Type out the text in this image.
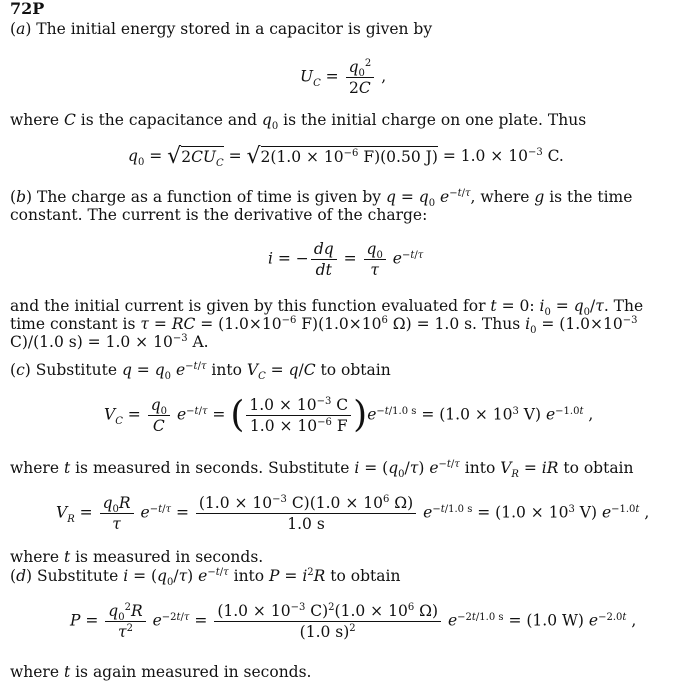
72P
(a) The initial energy stored in a capacitor is given by
$U_C = \frac{q_0^2}{2C}$ ,
where C is the capacitance and $q_0$ is the initial charge on one plate. Thus
$q_0$ = √ $2CU_C$ = √ $2(1.0 \times 10^{-6}$ F)(0.50 $J) = 1.0 \times 10^{-3}$ C.
(b) The charge as a function of time is given by $q = q_0$ $e^{-t/\tau}$, where g is the time constant. The current is the derivative of the charge:
i = − $\frac{dq}{dt} = \frac{q_0}{\tau} e^{-t/\tau}$
and the initial current is given by this function evaluated for t = 0: $i_0 = q_0/\tau$. The time constant is τ = RC = ($1.0\times 10^{-6}$ $F)(1.0\times 10^6$ Ω) = 1.0 s. Thus $i_0 = (1.0\times 10^{-3}$ C)/(1.0 $s) = 1.0 \times 10^{-3}$ A.
(c) Substitute $q = q_0$ $e^{-t/\tau}$ into $V_C = q/C$ to obtain
$V_C = \frac{q_0}{C} e^{-t/\tau}$ = ( $\frac{1.0 \times 10^{-3} C}{1.0 \times 10^{-6} F} )e^{-t/1.0 s} = (1.0 \times 10^3$ V) $e^{-1.0t}$ ,
where t is measured in seconds. Substitute $i = (q_0/\tau)$ $e^{-t/\tau}$ into $V_R$ = iR to obtain
$V_R = \frac{q_0R}{\tau} e^{-t/\tau} = \frac{(1.0 \times 10^{-3} C)(1.0 \times 10^6 \Omega)}{1.0 s} e^{-t/1.0 s} = (1.0 \times 10^3$ V) $e^{-1.0t}$ ,
where t is measured in seconds.
(d) Substitute $i = (q_0/\tau)$ $e^{-t/\tau}$ into $P = i^2R$ to obtain
$P = \frac{q_0^2R}{\tau^2} e^{-2t/\tau} = \frac{(1.0 \times 10^{-3} C)^2(1.0 \times 10^6 \Omega)}{(1.0 s)^2} e^{-2t/1.0 s} = (1.0$ W) $e^{-2.0t}$ ,
where t is again measured in seconds.
